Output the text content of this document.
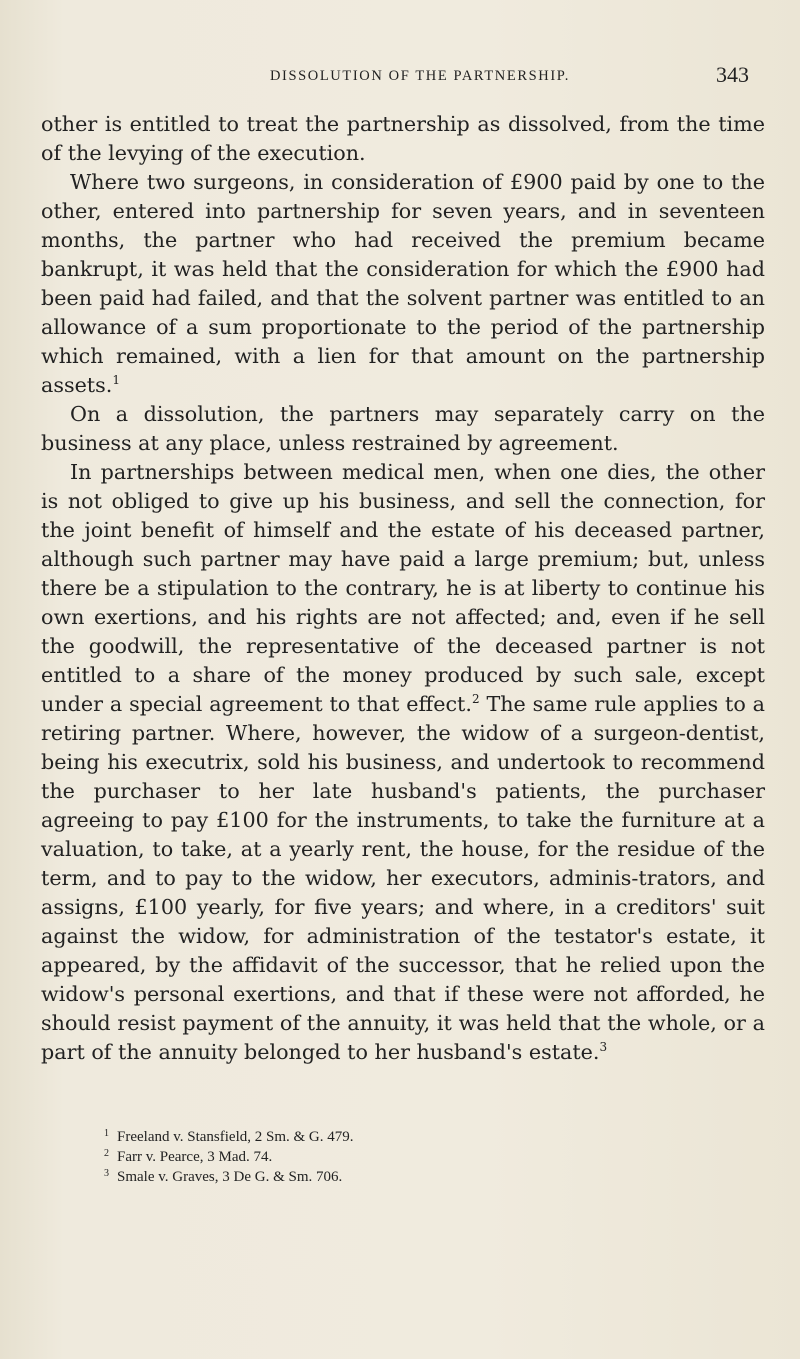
DISSOLUTION OF THE PARTNERSHIP.	343

other is entitled to treat the partnership as dissolved, from the time of the levying of the execution.

Where two surgeons, in consideration of £900 paid by one to the other, entered into partnership for seven years, and in seventeen months, the partner who had received the premium became bankrupt, it was held that the consideration for which the £900 had been paid had failed, and that the solvent partner was entitled to an allowance of a sum proportionate to the period of the partnership which remained, with a lien for that amount on the partnership assets.$^1$

On a dissolution, the partners may separately carry on the business at any place, unless restrained by agreement.

In partnerships between medical men, when one dies, the other is not obliged to give up his business, and sell the connection, for the joint benefit of himself and the estate of his deceased partner, although such partner may have paid a large premium; but, unless there be a stipulation to the contrary, he is at liberty to continue his own exertions, and his rights are not affected; and, even if he sell the goodwill, the representative of the deceased partner is not entitled to a share of the money produced by such sale, except under a special agreement to that effect.$^2$ The same rule applies to a retiring partner. Where, however, the widow of a surgeon-dentist, being his executrix, sold his business, and undertook to recommend the purchaser to her late husband's patients, the purchaser agreeing to pay £100 for the instruments, to take the furniture at a valuation, to take, at a yearly rent, the house, for the residue of the term, and to pay to the widow, her executors, adminis-trators, and assigns, £100 yearly, for five years; and where, in a creditors' suit against the widow, for administration of the testator's estate, it appeared, by the affidavit of the successor, that he relied upon the widow's personal exertions, and that if these were not afforded, he should resist payment of the annuity, it was held that the whole, or a part of the annuity belonged to her husband's estate.$^3$

$^1$ Freeland v. Stansfield, 2 Sm. & G. 479.

$^2$ Farr v. Pearce, 3 Mad. 74.

$^3$ Smale v. Graves, 3 De G. & Sm. 706.
